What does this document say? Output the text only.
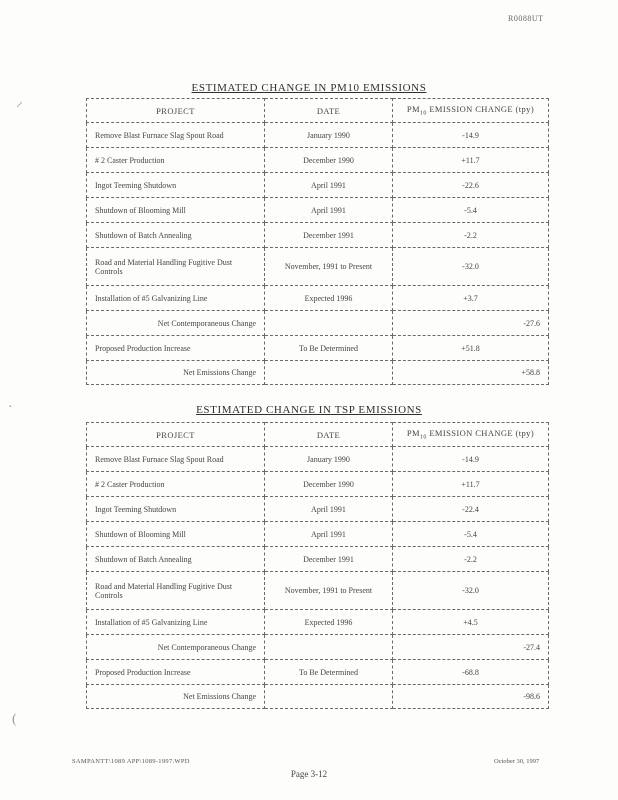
R0088UT
⸝
·
(
ESTIMATED CHANGE IN PM10 EMISSIONS
PROJECT	DATE	$PM_{10}$ EMISSION CHANGE (tpy)
Remove Blast Furnace Slag Spout Road	January 1990	-14.9
# 2 Caster Production	December 1990	+11.7
Ingot Teeming Shutdown	April 1991	-22.6
Shutdown of Blooming Mill	April 1991	-5.4
Shutdown of Batch Annealing	December 1991	-2.2
Road and Material Handling Fugitive Dust Controls	November, 1991 to Present	-32.0
Installation of #5 Galvanizing Line	Expected 1996	+3.7
Net Contemporaneous Change		-27.6
Proposed Production Increase	To Be Determined	+51.8
Net Emissions Change		+58.8
ESTIMATED CHANGE IN TSP EMISSIONS
PROJECT	DATE	$PM_{10}$ EMISSION CHANGE (tpy)
Remove Blast Furnace Slag Spout Road	January 1990	-14.9
# 2 Caster Production	December 1990	+11.7
Ingot Teeming Shutdown	April 1991	-22.4
Shutdown of Blooming Mill	April 1991	-5.4
Shutdown of Batch Annealing	December 1991	-2.2
Road and Material Handling Fugitive Dust Controls	November, 1991 to Present	-32.0
Installation of #5 Galvanizing Line	Expected 1996	+4.5
Net Contemporaneous Change		-27.4
Proposed Production Increase	To Be Determined	-68.8
Net Emissions Change		-98.6
SAMPANTT\1089 APP\1089-1997.WPD	October 30, 1997
Page 3-12
